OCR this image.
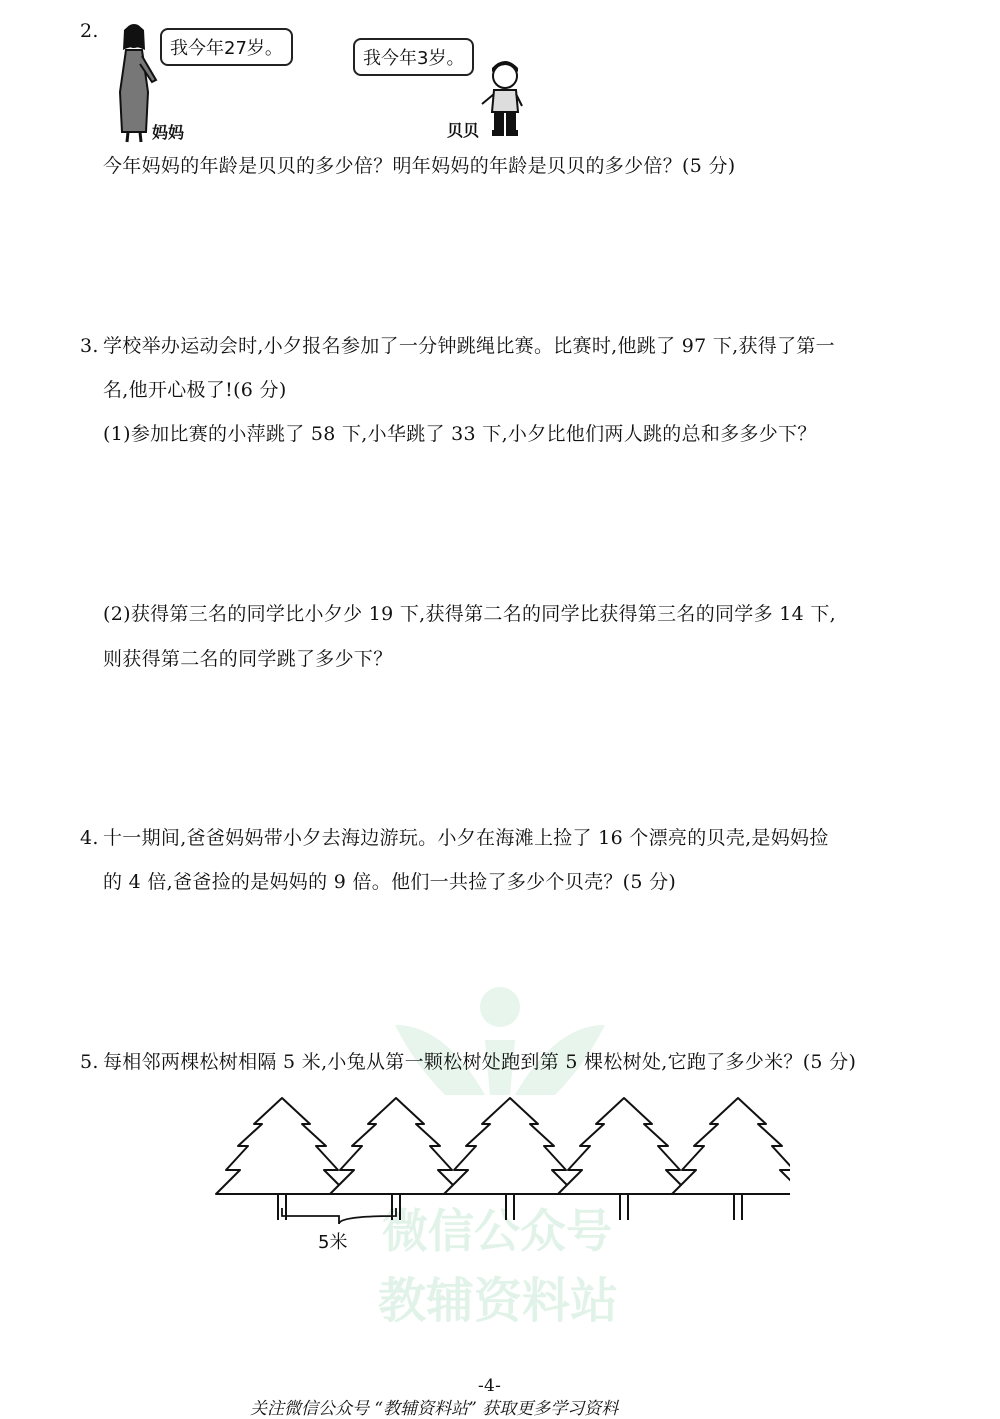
2.
我今年27岁。
妈妈
我今年3岁。
贝贝
今年妈妈的年龄是贝贝的多少倍？明年妈妈的年龄是贝贝的多少倍？(5 分)
3. 学校举办运动会时,小夕报名参加了一分钟跳绳比赛。比赛时,他跳了 97 下,获得了第一
名,他开心极了!(6 分)
(1)参加比赛的小萍跳了 58 下,小华跳了 33 下,小夕比他们两人跳的总和多多少下？
(2)获得第三名的同学比小夕少 19 下,获得第二名的同学比获得第三名的同学多 14 下,
则获得第二名的同学跳了多少下？
4. 十一期间,爸爸妈妈带小夕去海边游玩。小夕在海滩上捡了 16 个漂亮的贝壳,是妈妈捡
的 4 倍,爸爸捡的是妈妈的 9 倍。他们一共捡了多少个贝壳？(5 分)
微信公众号
教辅资料站
5. 每相邻两棵松树相隔 5 米,小兔从第一颗松树处跑到第 5 棵松树处,它跑了多少米？(5 分)
5米
-4-
关注微信公众号 “教辅资料站” 获取更多学习资料
